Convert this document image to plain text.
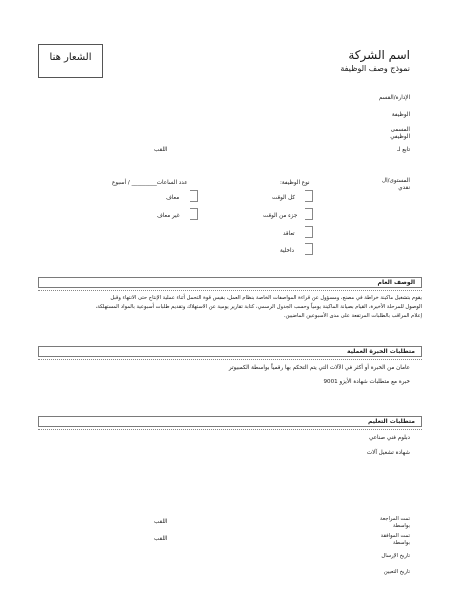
الشعار هنا	اسم الشركة
نموذج وصف الوظيفة
الإدارة/القسم
الوظيفة
المسمى الوظيفي
تابع لـ
اللقب
المستوى/ال نقدي
نوع الوظيفة:
عدد الساعات_________ / أسبوع
كل الوقت
جزء من الوقت
تعاقد
داخلية
معاف
غير معاف
الوصف العام
يقوم بتشغيل ماكينة خراطة في مصنع، ومسؤول عن قراءة المواصفات الخاصة بنظام العمل، بقيس قوة التحمل أثناء عملية الإنتاج حتى الانتهاء وقبل
الوصول للمرحلة الأخيرة، القيام بصيانة الماكينة يومياً وحسب الجدول الرسمي، كتابة تقارير يومية عن الاستهلاك وتقديم طلبات أسبوعية بالمواد المستهلكة،
إعلام المراقب بالطلبات المرتفعة على مدى الأسبوعين الماضيين.
متطلبات الخبرة العملية
عامان من الخبرة أو أكثر في الآلات التي يتم التحكم بها رقمياً بواسطة الكمبيوتر
خبرة مع متطلبات شهادة الأيزو 9001
متطلبات التعليم
دبلوم فني صناعي
شهادة تشغيل آلات
تمت المراجعة بواسطة
اللقب
تمت الموافقة بواسطة
اللقب
تاريخ الإرسال
تاريخ التعيين
